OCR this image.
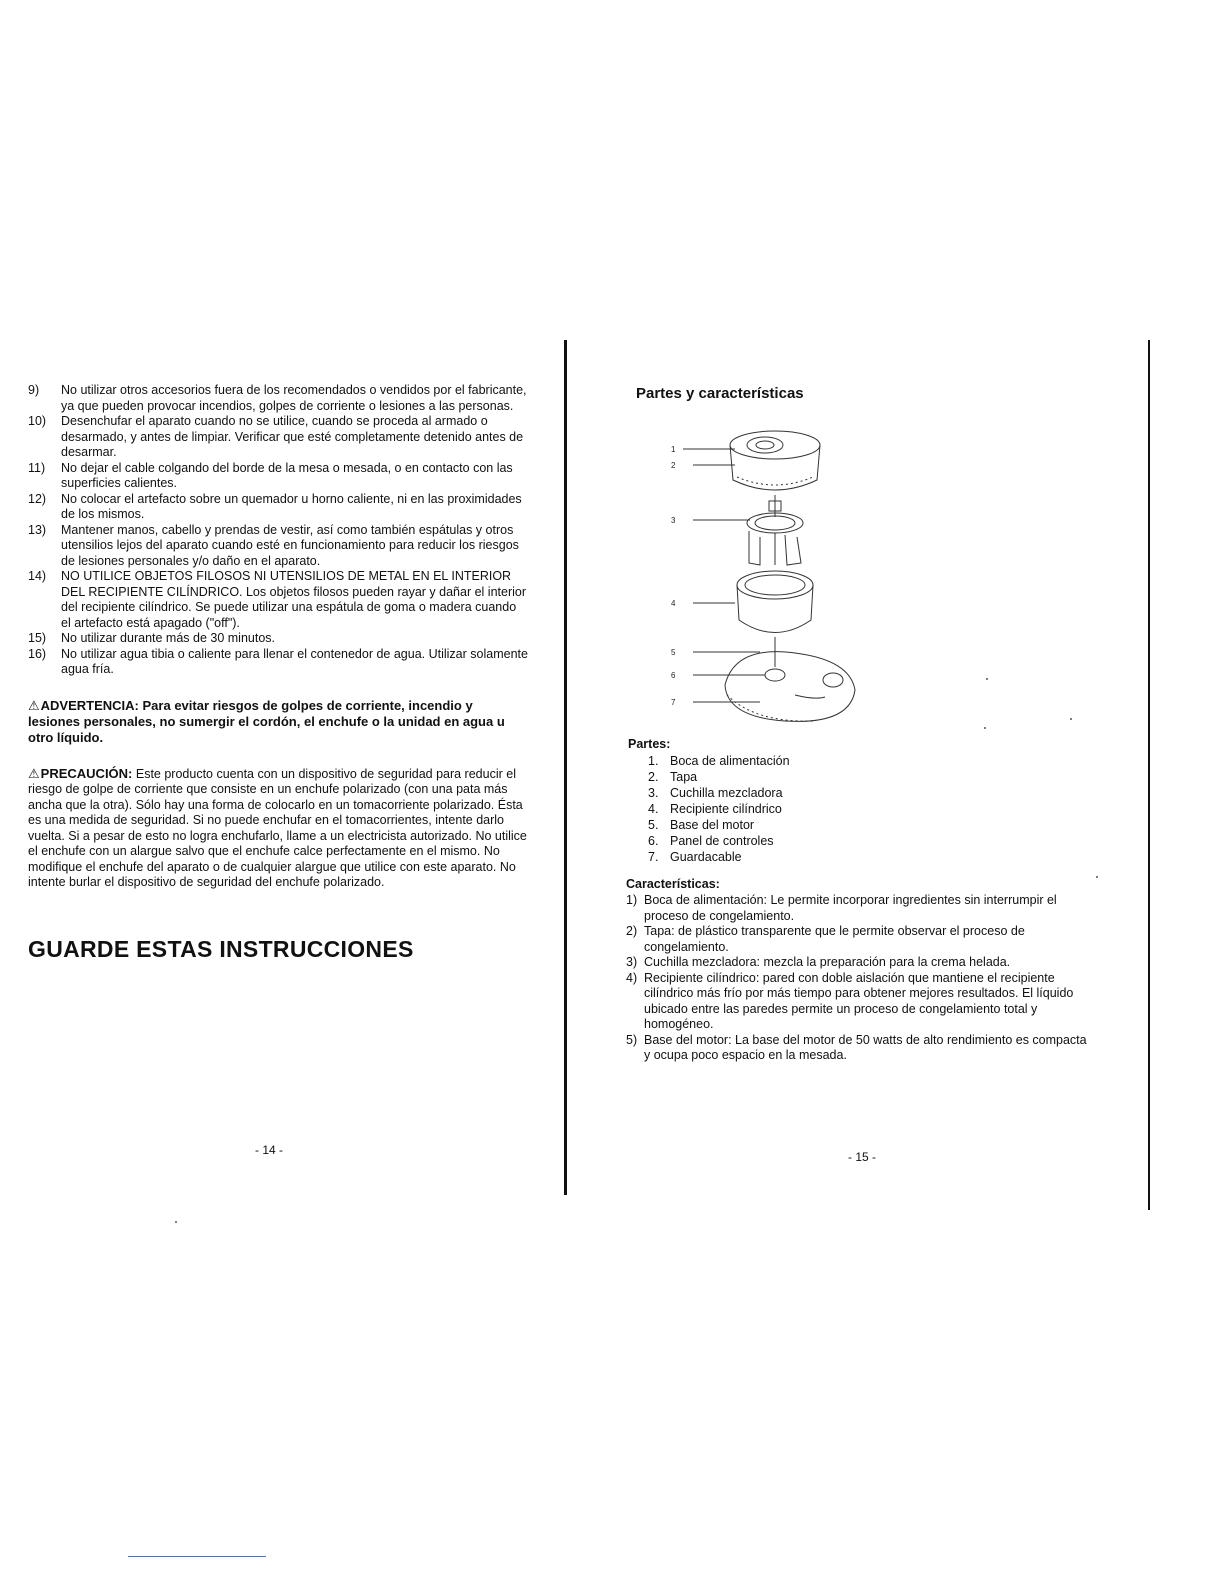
9) No utilizar otros accesorios fuera de los recomendados o vendidos por el fabricante, ya que pueden provocar incendios, golpes de corriente o lesiones a las personas.
10) Desenchufar el aparato cuando no se utilice, cuando se proceda al armado o desarmado, y antes de limpiar. Verificar que esté completamente detenido antes de desarmar.
11) No dejar el cable colgando del borde de la mesa o mesada, o en contacto con las superficies calientes.
12) No colocar el artefacto sobre un quemador u horno caliente, ni en las proximidades de los mismos.
13) Mantener manos, cabello y prendas de vestir, así como también espátulas y otros utensilios lejos del aparato cuando esté en funcionamiento para reducir los riesgos de lesiones personales y/o daño en el aparato.
14) NO UTILICE OBJETOS FILOSOS NI UTENSILIOS DE METAL EN EL INTERIOR DEL RECIPIENTE CILÍNDRICO. Los objetos filosos pueden rayar y dañar el interior del recipiente cilíndrico. Se puede utilizar una espátula de goma o madera cuando el artefacto está apagado ("off").
15) No utilizar durante más de 30 minutos.
16) No utilizar agua tibia o caliente para llenar el contenedor de agua. Utilizar solamente agua fría.
⚠ADVERTENCIA: Para evitar riesgos de golpes de corriente, incendio y lesiones personales, no sumergir el cordón, el enchufe o la unidad en agua u otro líquido.
⚠PRECAUCIÓN: Este producto cuenta con un dispositivo de seguridad para reducir el riesgo de golpe de corriente que consiste en un enchufe polarizado (con una pata más ancha que la otra). Sólo hay una forma de colocarlo en un tomacorriente polarizado. Ésta es una medida de seguridad. Si no puede enchufar en el tomacorrientes, intente darlo vuelta. Si a pesar de esto no logra enchufarlo, llame a un electricista autorizado. No utilice el enchufe con un alargue salvo que el enchufe calce perfectamente en el mismo. No modifique el enchufe del aparato o de cualquier alargue que utilice con este aparato. No intente burlar el dispositivo de seguridad del enchufe polarizado.
GUARDE ESTAS INSTRUCCIONES
- 14 -
Partes y características
1
2
3
4
5
6
7
Partes:
1. Boca de alimentación
2. Tapa
3. Cuchilla mezcladora
4. Recipiente cilíndrico
5. Base del motor
6. Panel de controles
7. Guardacable
Características:
1) Boca de alimentación: Le permite incorporar ingredientes sin interrumpir el proceso de congelamiento.
2) Tapa: de plástico transparente que le permite observar el proceso de congelamiento.
3) Cuchilla mezcladora: mezcla la preparación para la crema helada.
4) Recipiente cilíndrico: pared con doble aislación que mantiene el recipiente cilíndrico más frío por más tiempo para obtener mejores resultados. El líquido ubicado entre las paredes permite un proceso de congelamiento total y homogéneo.
5) Base del motor: La base del motor de 50 watts de alto rendimiento es compacta y ocupa poco espacio en la mesada.
- 15 -
